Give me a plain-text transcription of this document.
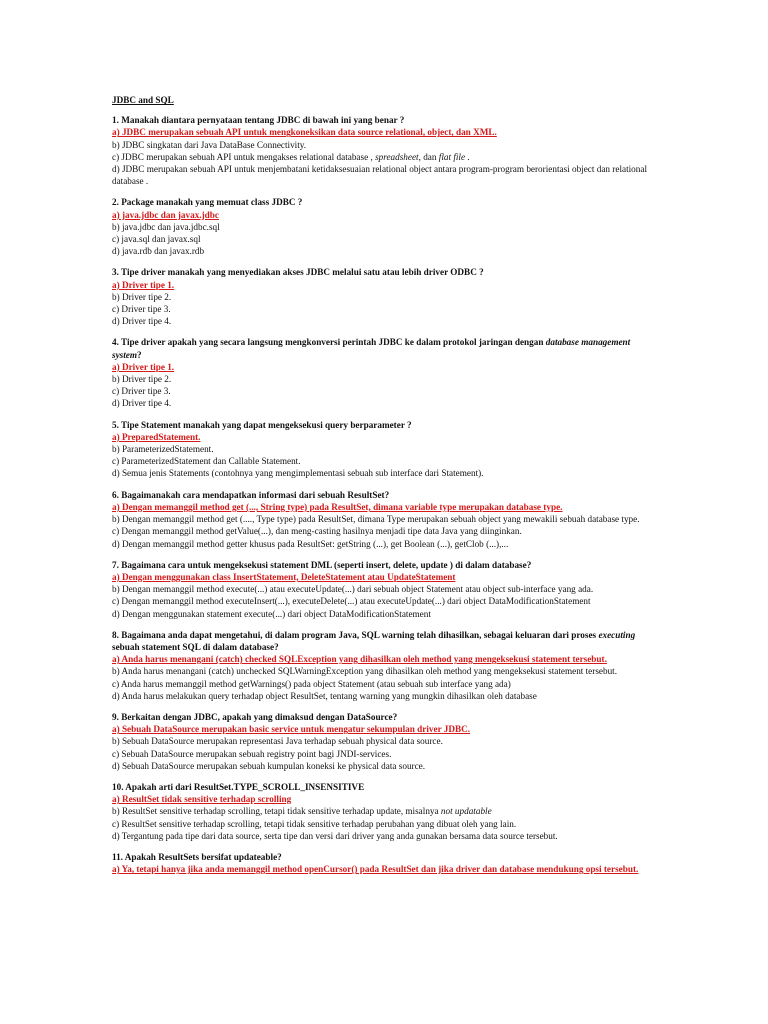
JDBC and SQL
1. Manakah diantara pernyataan tentang JDBC di bawah ini yang benar ?
a) JDBC merupakan sebuah API untuk mengkoneksikan data source relational, object, dan XML.
b) JDBC singkatan dari Java DataBase Connectivity.
c) JDBC merupakan sebuah API untuk mengakses relational database , spreadsheet, dan flat file .
d) JDBC merupakan sebuah API untuk menjembatani ketidaksesuaian relational object antara program-program berorientasi object dan relational database .
2. Package manakah yang memuat class JDBC ?
a) java.jdbc dan javax.jdbc
b) java.jdbc dan java.jdbc.sql
c) java.sql dan javax.sql
d) java.rdb dan javax.rdb
3. Tipe driver manakah yang menyediakan akses JDBC melalui satu atau lebih driver ODBC ?
a) Driver tipe 1.
b) Driver tipe 2.
c) Driver tipe 3.
d) Driver tipe 4.
4. Tipe driver apakah yang secara langsung mengkonversi perintah JDBC ke dalam protokol jaringan dengan database management system?
a) Driver tipe 1.
b) Driver tipe 2.
c) Driver tipe 3.
d) Driver tipe 4.
5. Tipe Statement manakah yang dapat mengeksekusi query berparameter ?
a) PreparedStatement.
b) ParameterizedStatement.
c) ParameterizedStatement dan Callable Statement.
d) Semua jenis Statements (contohnya yang mengimplementasi sebuah sub interface dari Statement).
6. Bagaimanakah cara mendapatkan informasi dari sebuah ResultSet?
a) Dengan memanggil method get (..., String type) pada ResultSet, dimana variable type merupakan database type.
b) Dengan memanggil method get (...., Type type) pada ResultSet, dimana Type merupakan sebuah object yang mewakili sebuah database type.
c) Dengan memanggil method getValue(...), dan meng-casting hasilnya menjadi tipe data Java yang diinginkan.
d) Dengan memanggil method getter khusus pada ResultSet: getString (...), get Boolean (...), getClob (...),...
7. Bagaimana cara untuk mengeksekusi statement DML (seperti insert, delete, update ) di dalam database?
a) Dengan menggunakan class InsertStatement, DeleteStatement atau UpdateStatement
b) Dengan memanggil method execute(...) atau executeUpdate(...) dari sebuah object Statement atau object sub-interface yang ada.
c) Dengan memanggil method executeInsert(...), executeDelete(...) atau executeUpdate(...) dari object DataModificationStatement
d) Dengan menggunakan statement execute(...) dari object DataModificationStatement
8. Bagaimana anda dapat mengetahui, di dalam program Java, SQL warning telah dihasilkan, sebagai keluaran dari proses executing sebuah statement SQL di dalam database?
a) Anda harus menangani (catch) checked SQLException yang dihasilkan oleh method yang mengeksekusi statement tersebut.
b) Anda harus menangani (catch) unchecked SQLWarningException yang dihasilkan oleh method yang mengeksekusi statement tersebut.
c) Anda harus memanggil method getWarnings() pada object Statement (atau sebuah sub interface yang ada)
d) Anda harus melakukan query terhadap object ResultSet, tentang warning yang mungkin dihasilkan oleh database
9. Berkaitan dengan JDBC, apakah yang dimaksud dengan DataSource?
a) Sebuah DataSource merupakan basic service untuk mengatur sekumpulan driver JDBC.
b) Sebuah DataSource merupakan representasi Java terhadap sebuah physical data source.
c) Sebuah DataSource merupakan sebuah registry point bagi JNDI-services.
d) Sebuah DataSource merupakan sebuah kumpulan koneksi ke physical data source.
10. Apakah arti dari ResultSet.TYPE_SCROLL_INSENSITIVE
a) ResultSet tidak sensitive terhadap scrolling
b) ResultSet sensitive terhadap scrolling, tetapi tidak sensitive terhadap update, misalnya not updatable
c) ResultSet sensitive terhadap scrolling, tetapi tidak sensitive terhadap perubahan yang dibuat oleh yang lain.
d) Tergantung pada tipe dari data source, serta tipe dan versi dari driver yang anda gunakan bersama data source tersebut.
11. Apakah ResultSets bersifat updateable?
a) Ya, tetapi hanya jika anda memanggil method openCursor() pada ResultSet dan jika driver dan database mendukung opsi tersebut.
